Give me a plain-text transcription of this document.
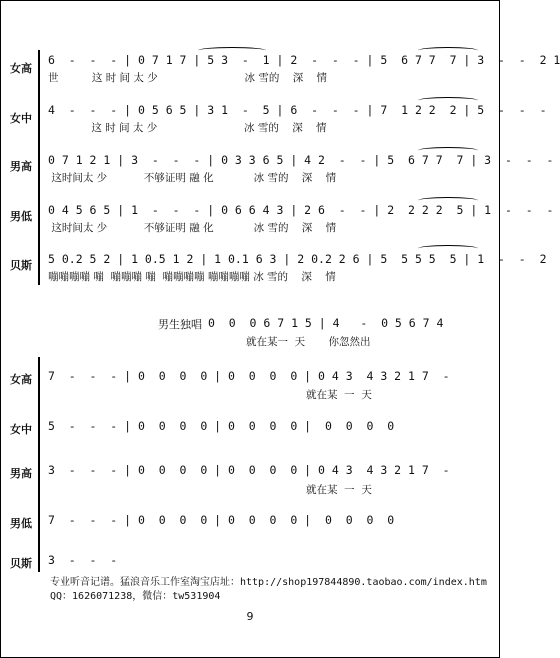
女高
女中
男高
男低
贝斯
6  -  -  - | 0 7 1 7 | 5 3  -  1 | 2  -  -  - | 5  6 7 7  7 | 3  -  -  2 1
世          这 时 间 太 少                          冰 雪的    深    情
4  -  -  - | 0 5 6 5 | 3 1  -  5 | 6  -  -  - | 7  1 2 2  2 | 5  -  -  -
这 时 间 太 少                          冰 雪的    深    情
0 7 1 2 1 | 3  -  -  - | 0 3 3 6 5 | 4 2  -  - | 5  6 7 7  7 | 3  -  -  -
这时间太 少           不够证明 融 化            冰 雪的    深    情
0 4 5 6 5 | 1  -  -  - | 0 6 6 4 3 | 2 6  -  - | 2  2 2 2  5 | 1  -  -  -
这时间太 少           不够证明 融 化            冰 雪的    深    情
5 0.2 5 2 | 1 0.5 1 2 | 1 0.1 6 3 | 2 0.2 2 6 | 5  5 5 5  5 | 1  -  -  2
嘣嘣嘣嘣 嘣  嘣嘣嘣 嘣  嘣嘣嘣嘣 嘣嘣嘣嘣 冰 雪的    深    情
男生独唱 0  0  0 6 7 1 5 | 4   -  0 5 6 7 4
就在某一  天       你忽然出
女高
女中
男高
男低
贝斯
7  -  -  - | 0  0  0  0 | 0  0  0  0 | 0 4 3  4 3 2 1 7  -
就在某  一  天
5  -  -  - | 0  0  0  0 | 0  0  0  0 |  0  0  0  0
3  -  -  - | 0  0  0  0 | 0  0  0  0 | 0 4 3  4 3 2 1 7  -
就在某  一  天
7  -  -  - | 0  0  0  0 | 0  0  0  0 |  0  0  0  0
3  -  -  -
专业听音记谱。猛浪音乐工作室淘宝店址：http://shop197844890.taobao.com/index.htm
QQ：1626071238，微信：tw531904
9
